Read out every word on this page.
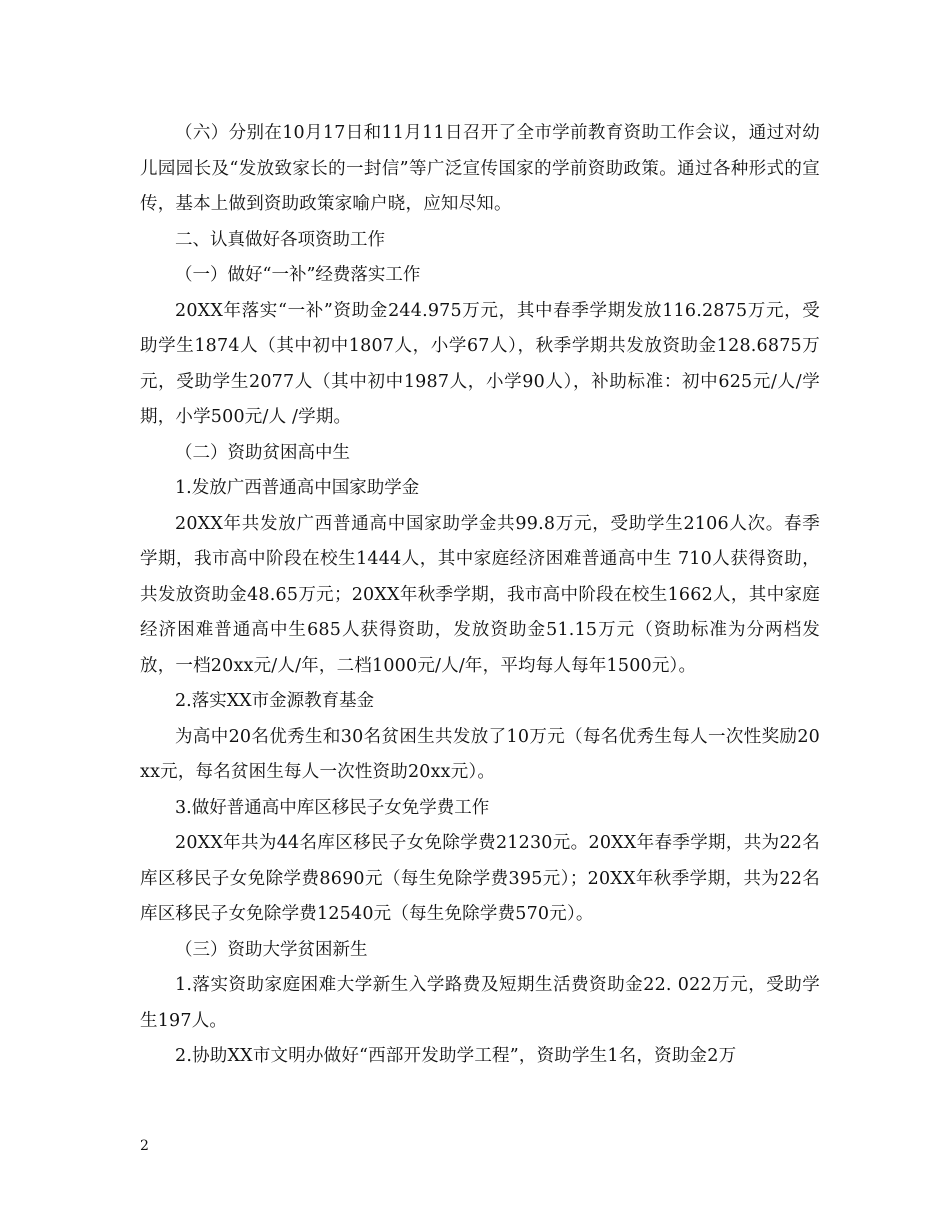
（六）分别在10月17日和11月11日召开了全市学前教育资助工作会议，通过对幼儿园园长及“发放致家长的一封信”等广泛宣传国家的学前资助政策。通过各种形式的宣传，基本上做到资助政策家喻户晓，应知尽知。

二、认真做好各项资助工作

（一）做好“一补”经费落实工作

20XX年落实“一补”资助金244.975万元，其中春季学期发放116.2875万元，受助学生1874人（其中初中1807人，小学67人），秋季学期共发放资助金128.6875万元，受助学生2077人（其中初中1987人，小学90人），补助标准：初中625元/人/学期，小学500元/人 /学期。

（二）资助贫困高中生

1.发放广西普通高中国家助学金

20XX年共发放广西普通高中国家助学金共99.8万元，受助学生2106人次。春季学期，我市高中阶段在校生1444人，其中家庭经济困难普通高中生 710人获得资助，共发放资助金48.65万元；20XX年秋季学期，我市高中阶段在校生1662人，其中家庭经济困难普通高中生685人获得资助，发放资助金51.15万元（资助标准为分两档发放，一档20xx元/人/年，二档1000元/人/年，平均每人每年1500元）。

2.落实XX市金源教育基金

为高中20名优秀生和30名贫困生共发放了10万元（每名优秀生每人一次性奖励20xx元，每名贫困生每人一次性资助20xx元）。

3.做好普通高中库区移民子女免学费工作

20XX年共为44名库区移民子女免除学费21230元。20XX年春季学期，共为22名库区移民子女免除学费8690元（每生免除学费395元）；20XX年秋季学期，共为22名库区移民子女免除学费12540元（每生免除学费570元）。

（三）资助大学贫困新生

1.落实资助家庭困难大学新生入学路费及短期生活费资助金22. 022万元，受助学生197人。

2.协助XX市文明办做好“西部开发助学工程”，资助学生1名，资助金2万

2
